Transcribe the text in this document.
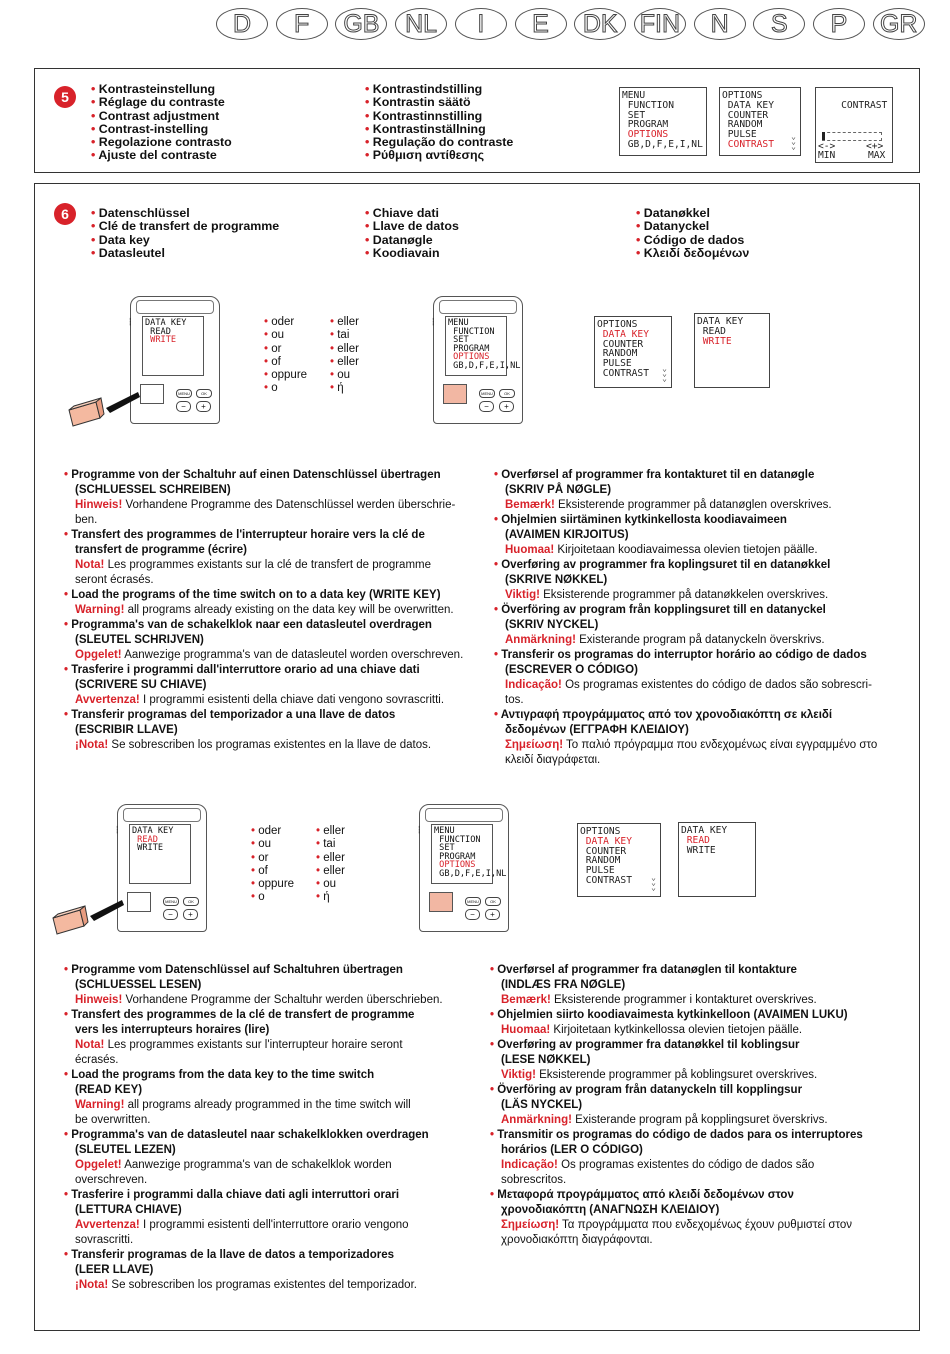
D	F	GB	NL	I	E	DK FIN	N	S	P	GR
5	• Kontrasteinstellung
• Réglage du contraste
• Contrast adjustment
• Contrast-instelling
• Regolazione contrasto
• Ajuste del contraste
• Kontrastindstilling
• Kontrastin säätö
• Kontrastinnstilling
• Kontrastinställning
• Regulação do contraste
• Ρύθμιση αντίθεσης
MENU
FUNCTION
SET
PROGRAM
OPTIONS
GB,D,F,E,I,NL

OPTIONS
DATA KEY
COUNTER
RANDOM
PULSE
CONTRAST

⌄
⌄
⌄

CONTRAST

<->

	<+>

MIN

	MAX

6	• Datenschlüssel
• Clé de transfert de programme
• Data key
• Datasleutel
• Chiave dati
• Llave de datos
• Datanøgle
• Koodiavain
• Datanøkkel
• Datanyckel
• Código de dados
• Κλειδί δεδομένων
┆	DATA KEY
READ
WRITE

MENU	OK
−	+
• oder
• ou
• or
• of
• oppure
• o
• eller
• tai
• eller
• eller
• ou
• ή
┆	MENU
FUNCTION
SET
PROGRAM
OPTIONS
GB,D,F,E,I,NL

MENU	OK
−	+
OPTIONS
DATA KEY
COUNTER
RANDOM
PULSE
CONTRAST ⌄
⌄
⌄
DATA KEY
READ
WRITE

• Programme von der Schaltuhr auf einen Datenschlüssel übertragen

(SCHLUESSEL SCHREIBEN)

Hinweis! Vorhandene Programme des Datenschlüssel werden überschrie-

ben.

• Transfert des programmes de l'interrupteur horaire vers la clé de

transfert de programme (écrire)

Nota! Les programmes existants sur la clé de transfert de programme

seront écrasés.

• Load the programs of the time switch on to a data key (WRITE KEY)

Warning! all programs already existing on the data key will be overwritten.

• Programma's van de schakelklok naar een datasleutel overdragen

(SLEUTEL SCHRIJVEN)

Opgelet! Aanwezige programma's van de datasleutel worden overschreven.

• Trasferire i programmi dall'interruttore orario ad una chiave dati

(SCRIVERE SU CHIAVE)

Avvertenza! I programmi esistenti della chiave dati vengono sovrascritti.

• Transferir programas del temporizador a una llave de datos

(ESCRIBIR LLAVE)

¡Nota! Se sobrescriben los programas existentes en la llave de datos.

• Overførsel af programmer fra kontakturet til en datanøgle

(SKRIV PÅ NØGLE)

Bemærk! Eksisterende programmer på datanøglen overskrives.

• Ohjelmien siirtäminen kytkinkellosta koodiavaimeen

(AVAIMEN KIRJOITUS)

Huomaa! Kirjoitetaan koodiavaimessa olevien tietojen päälle.

• Overføring av programmer fra koplingsuret til en datanøkkel

(SKRIVE NØKKEL)

Viktig! Eksisterende programmer på datanøkkelen overskrives.

• Överföring av program från kopplingsuret till en datanyckel

(SKRIV NYCKEL)

Anmärkning! Existerande program på datanyckeln överskrivs.

• Transferir os programas do interruptor horário ao código de dados

(ESCREVER O CÓDIGO)

Indicação! Os programas existentes do código de dados são sobrescri-

tos.

• Αντιγραφή προγράμματος από τον χρονοδιακόπτη σε κλειδί

δεδομένων (ΕΓΓΡΑΦΗ ΚΛΕΙΔΙΟΥ)

Σημείωση! Το παλιό πρόγραμμα που ενδεχομένως είναι εγγραμμένο στο

κλειδί διαγράφεται.

┆	DATA KEY
READ
WRITE

MENU	OK
−	+
• oder
• ou
• or
• of
• oppure
• o
• eller
• tai
• eller
• eller
• ou
• ή
┆	MENU
FUNCTION
SET
PROGRAM
OPTIONS
GB,D,F,E,I,NL

MENU	OK
−	+
OPTIONS
DATA KEY
COUNTER
RANDOM
PULSE
CONTRAST ⌄
⌄
⌄
DATA KEY
READ
WRITE

• Programme vom Datenschlüssel auf Schaltuhren übertragen

(SCHLUESSEL LESEN)

Hinweis! Vorhandene Programme der Schaltuhr werden überschrieben.

• Transfert des programmes de la clé de transfert de programme

vers les interrupteurs horaires (lire)

Nota! Les programmes existants sur l'interrupteur horaire seront

écrasés.

• Load the programs from the data key to the time switch

(READ KEY)

Warning! all programs already programmed in the time switch will

be overwritten.

• Programma's van de datasleutel naar schakelklokken overdragen

(SLEUTEL LEZEN)

Opgelet! Aanwezige programma's van de schakelklok worden

overschreven.

• Trasferire i programmi dalla chiave dati agli interruttori orari

(LETTURA CHIAVE)

Avvertenza! I programmi esistenti dell'interruttore orario vengono

sovrascritti.

• Transferir programas de la llave de datos a temporizadores

(LEER LLAVE)

¡Nota! Se sobrescriben los programas existentes del temporizador.

• Overførsel af programmer fra datanøglen til kontakture

(INDLÆS FRA NØGLE)

Bemærk! Eksisterende programmer i kontakturet overskrives.

• Ohjelmien siirto koodiavaimesta kytkinkelloon (AVAIMEN LUKU)

Huomaa! Kirjoitetaan kytkinkellossa olevien tietojen päälle.

• Overføring av programmer fra datanøkkel til koblingsur

(LESE NØKKEL)

Viktig! Eksisterende programmer på koblingsuret overskrives.

• Överföring av program från datanyckeln till kopplingsur

(LÄS NYCKEL)

Anmärkning! Existerande program på kopplingsuret överskrivs.

• Transmitir os programas do código de dados para os interruptores

horários (LER O CÓDIGO)

Indicação! Os programas existentes do código de dados são

sobrescritos.

• Μεταφορά προγράμματος από κλειδί δεδομένων στον

χρονοδιακόπτη (ΑΝΑΓΝΩΣΗ ΚΛΕΙΔΙΟΥ)

Σημείωση! Τα προγράμματα που ενδεχομένως έχουν ρυθμιστεί στον

χρονοδιακόπτη διαγράφονται.
